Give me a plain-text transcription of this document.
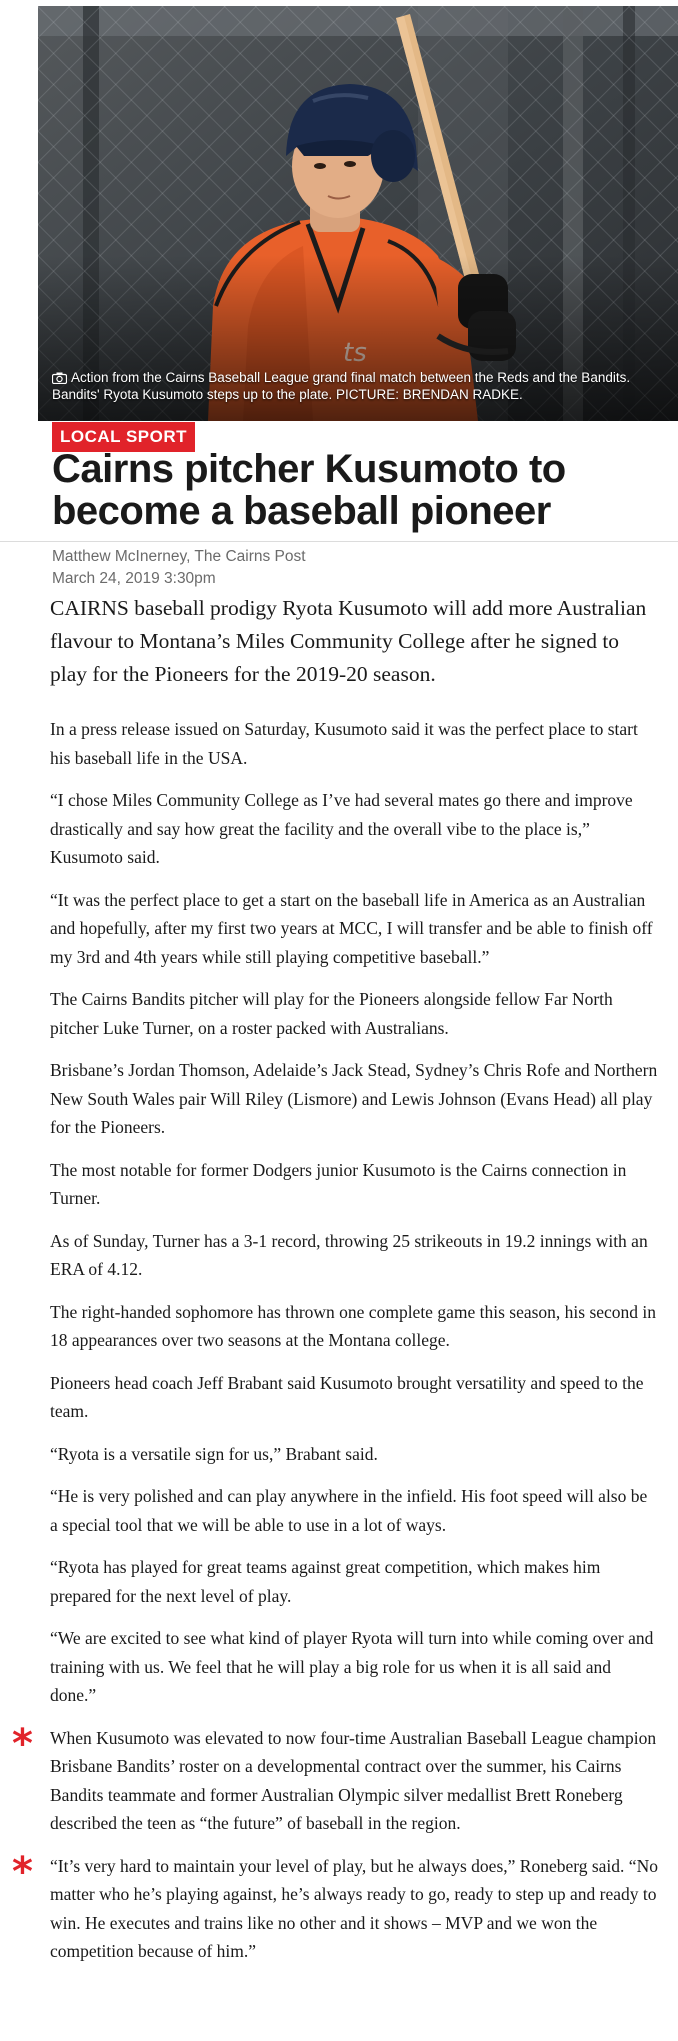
Action from the Cairns Baseball League grand final match between the Reds and the Bandits. Bandits' Ryota Kusumoto steps up to the plate. PICTURE: BRENDAN RADKE.
LOCAL SPORT
Cairns pitcher Kusumoto to become a baseball pioneer
Matthew McInerney, The Cairns Post
March 24, 2019 3:30pm

CAIRNS baseball prodigy Ryota Kusumoto will add more Australian flavour to Montana’s Miles Community College after he signed to play for the Pioneers for the 2019-20 season.

In a press release issued on Saturday, Kusumoto said it was the perfect place to start his baseball life in the USA.

“I chose Miles Community College as I’ve had several mates go there and improve drastically and say how great the facility and the overall vibe to the place is,” Kusumoto said.

“It was the perfect place to get a start on the baseball life in America as an Australian and hopefully, after my first two years at MCC, I will transfer and be able to finish off my 3rd and 4th years while still playing competitive baseball.”

The Cairns Bandits pitcher will play for the Pioneers alongside fellow Far North pitcher Luke Turner, on a roster packed with Australians.

Brisbane’s Jordan Thomson, Adelaide’s Jack Stead, Sydney’s Chris Rofe and Northern New South Wales pair Will Riley (Lismore) and Lewis Johnson (Evans Head) all play for the Pioneers.

The most notable for former Dodgers junior Kusumoto is the Cairns connection in Turner.

As of Sunday, Turner has a 3-1 record, throwing 25 strikeouts in 19.2 innings with an ERA of 4.12.

The right-handed sophomore has thrown one complete game this season, his second in 18 appearances over two seasons at the Montana college.

Pioneers head coach Jeff Brabant said Kusumoto brought versatility and speed to the team.

“Ryota is a versatile sign for us,” Brabant said.

“He is very polished and can play anywhere in the infield. His foot speed will also be a special tool that we will be able to use in a lot of ways.

“Ryota has played for great teams against great competition, which makes him prepared for the next level of play.

“We are excited to see what kind of player Ryota will turn into while coming over and training with us. We feel that he will play a big role for us when it is all said and done.”

* When Kusumoto was elevated to now four-time Australian Baseball League champion Brisbane Bandits’ roster on a developmental contract over the summer, his Cairns Bandits teammate and former Australian Olympic silver medallist Brett Roneberg described the teen as “the future” of baseball in the region.
* “It’s very hard to maintain your level of play, but he always does,” Roneberg said. “No matter who he’s playing against, he’s always ready to go, ready to step up and ready to win. He executes and trains like no other and it shows – MVP and we won the competition because of him.”
